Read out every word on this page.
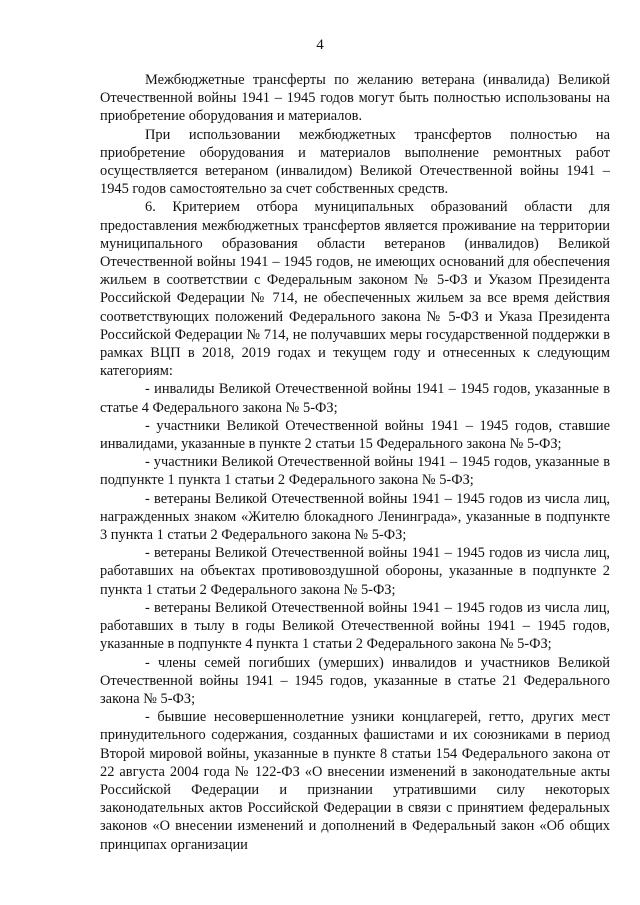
4

Межбюджетные трансферты по желанию ветерана (инвалида) Великой Отечественной войны 1941 – 1945 годов могут быть полностью использованы на приобретение оборудования и материалов.

При использовании межбюджетных трансфертов полностью на приобретение оборудования и материалов выполнение ремонтных работ осуществляется ветераном (инвалидом) Великой Отечественной войны 1941 – 1945 годов самостоятельно за счет собственных средств.

6. Критерием отбора муниципальных образований области для предоставления межбюджетных трансфертов является проживание на территории муниципального образования области ветеранов (инвалидов) Великой Отечественной войны 1941 – 1945 годов, не имеющих оснований для обеспечения жильем в соответствии с Федеральным законом № 5-ФЗ и Указом Президента Российской Федерации № 714, не обеспеченных жильем за все время действия соответствующих положений Федерального закона № 5-ФЗ и Указа Президента Российской Федерации № 714, не получавших меры государственной поддержки в рамках ВЦП в 2018, 2019 годах и текущем году и отнесенных к следующим категориям:

- инвалиды Великой Отечественной войны 1941 – 1945 годов, указанные в статье 4 Федерального закона № 5-ФЗ;

- участники Великой Отечественной войны 1941 – 1945 годов, ставшие инвалидами, указанные в пункте 2 статьи 15 Федерального закона № 5-ФЗ;

- участники Великой Отечественной войны 1941 – 1945 годов, указанные в подпункте 1 пункта 1 статьи 2 Федерального закона № 5-ФЗ;

- ветераны Великой Отечественной войны 1941 – 1945 годов из числа лиц, награжденных знаком «Жителю блокадного Ленинграда», указанные в подпункте 3 пункта 1 статьи 2 Федерального закона № 5-ФЗ;

- ветераны Великой Отечественной войны 1941 – 1945 годов из числа лиц, работавших на объектах противовоздушной обороны, указанные в подпункте 2 пункта 1 статьи 2 Федерального закона № 5-ФЗ;

- ветераны Великой Отечественной войны 1941 – 1945 годов из числа лиц, работавших в тылу в годы Великой Отечественной войны 1941 – 1945 годов, указанные в подпункте 4 пункта 1 статьи 2 Федерального закона № 5-ФЗ;

- члены семей погибших (умерших) инвалидов и участников Великой Отечественной войны 1941 – 1945 годов, указанные в статье 21 Федерального закона № 5-ФЗ;

- бывшие несовершеннолетние узники концлагерей, гетто, других мест принудительного содержания, созданных фашистами и их союзниками в период Второй мировой войны, указанные в пункте 8 статьи 154 Федерального закона от 22 августа 2004 года № 122-ФЗ «О внесении изменений в законодательные акты Российской Федерации и признании утратившими силу некоторых законодательных актов Российской Федерации в связи с принятием федеральных законов «О внесении изменений и дополнений в Федеральный закон «Об общих принципах организации
